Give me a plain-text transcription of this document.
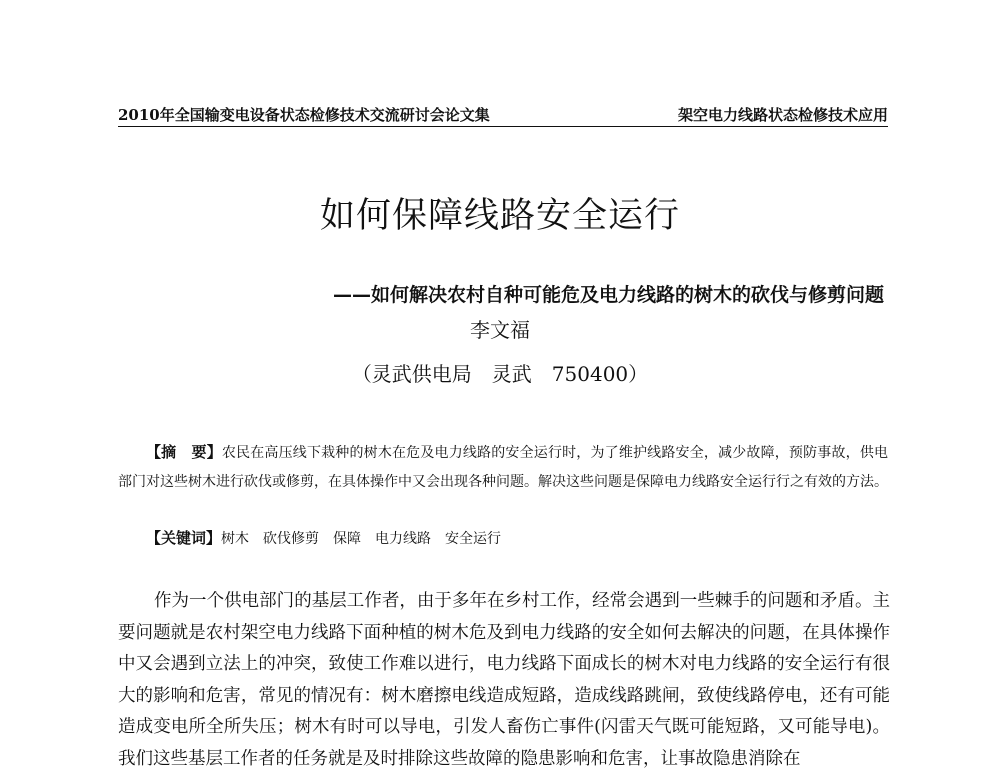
2010年全国输变电设备状态检修技术交流研讨会论文集	架空电力线路状态检修技术应用
如何保障线路安全运行
——如何解决农村自种可能危及电力线路的树木的砍伐与修剪问题
李文福
（灵武供电局　灵武　750400）
【摘　要】农民在高压线下栽种的树木在危及电力线路的安全运行时，为了维护线路安全，减少故障，预防事故，供电部门对这些树木进行砍伐或修剪，在具体操作中又会出现各种问题。解决这些问题是保障电力线路安全运行行之有效的方法。
【关键词】树木　砍伐修剪　保障　电力线路　安全运行
作为一个供电部门的基层工作者，由于多年在乡村工作，经常会遇到一些棘手的问题和矛盾。主要问题就是农村架空电力线路下面种植的树木危及到电力线路的安全如何去解决的问题，在具体操作中又会遇到立法上的冲突，致使工作难以进行，电力线路下面成长的树木对电力线路的安全运行有很大的影响和危害，常见的情况有：树木磨擦电线造成短路，造成线路跳闸，致使线路停电，还有可能造成变电所全所失压；树木有时可以导电，引发人畜伤亡事件(闪雷天气既可能短路，又可能导电)。我们这些基层工作者的任务就是及时排除这些故障的隐患影响和危害，让事故隐患消除在
